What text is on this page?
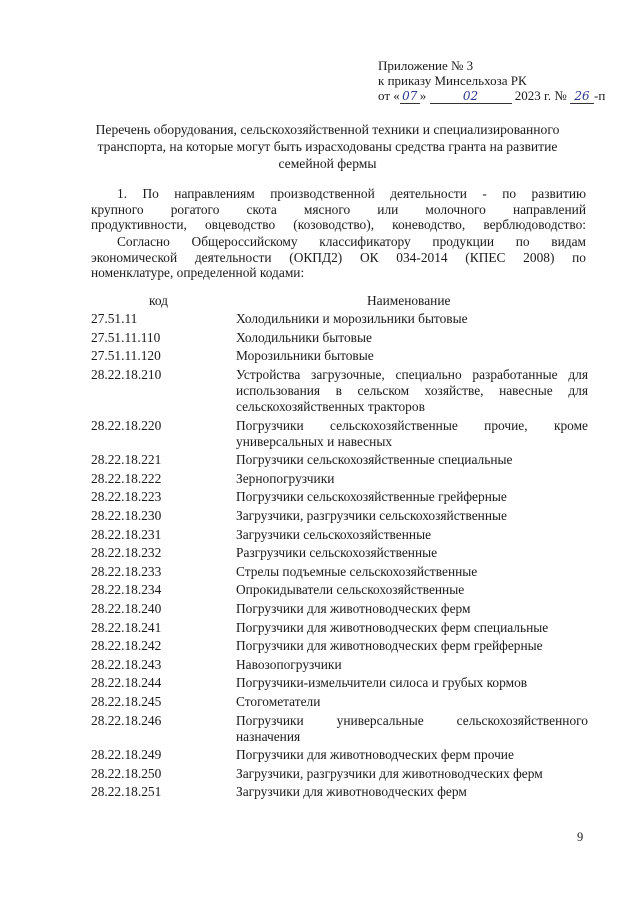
Приложение № 3
к приказу Минсельхоза РК
от « 07 »	02	2023 г. № 26 -п
Перечень оборудования, сельскохозяйственной техники и специализированного транспорта, на которые могут быть израсходованы средства гранта на развитие семейной фермы
1. По направлениям производственной деятельности - по развитию
крупного рогатого скота мясного или молочного направлений
продуктивности, овцеводство (козоводство), коневодство, верблюдоводство:
Согласно Общероссийскому классификатору продукции по видам
экономической деятельности (ОКПД2) ОК 034-2014 (КПЕС 2008) по
номенклатуре, определенной кодами:
код	Наименование
27.51.11	Холодильники и морозильники бытовые
27.51.11.110	Холодильники бытовые
27.51.11.120	Морозильники бытовые
28.22.18.210	Устройства загрузочные, специально разработанные для использования в сельском хозяйстве, навесные для сельскохозяйственных тракторов
28.22.18.220	Погрузчики сельскохозяйственные прочие, кроме универсальных и навесных
28.22.18.221	Погрузчики сельскохозяйственные специальные
28.22.18.222	Зернопогрузчики
28.22.18.223	Погрузчики сельскохозяйственные грейферные
28.22.18.230	Загрузчики, разгрузчики сельскохозяйственные
28.22.18.231	Загрузчики сельскохозяйственные
28.22.18.232	Разгрузчики сельскохозяйственные
28.22.18.233	Стрелы подъемные сельскохозяйственные
28.22.18.234	Опрокидыватели сельскохозяйственные
28.22.18.240	Погрузчики для животноводческих ферм
28.22.18.241	Погрузчики для животноводческих ферм специальные
28.22.18.242	Погрузчики для животноводческих ферм грейферные
28.22.18.243	Навозопогрузчики
28.22.18.244	Погрузчики-измельчители силоса и грубых кормов
28.22.18.245	Стогометатели
28.22.18.246	Погрузчики универсальные сельскохозяйственного назначения
28.22.18.249	Погрузчики для животноводческих ферм прочие
28.22.18.250	Загрузчики, разгрузчики для животноводческих ферм
28.22.18.251	Загрузчики для животноводческих ферм
9
